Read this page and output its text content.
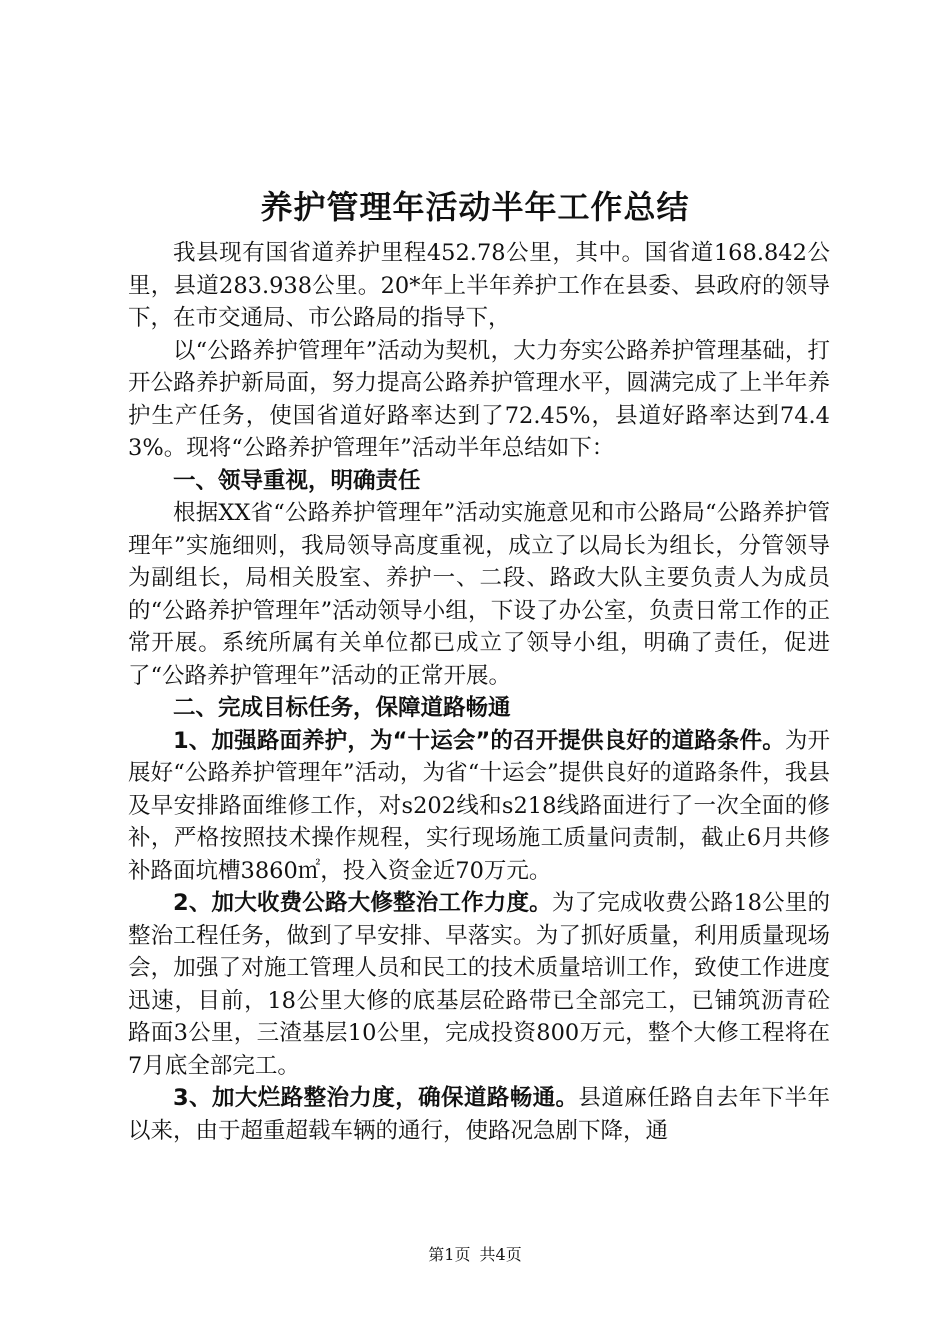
养护管理年活动半年工作总结

我县现有国省道养护里程452.78公里，其中。国省道168.842公里，县道283.938公里。20*年上半年养护工作在县委、县政府的领导下，在市交通局、市公路局的指导下，

以“公路养护管理年”活动为契机，大力夯实公路养护管理基础，打开公路养护新局面，努力提高公路养护管理水平，圆满完成了上半年养护生产任务，使国省道好路率达到了72.45%，县道好路率达到74.43%。现将“公路养护管理年”活动半年总结如下：

一、领导重视，明确责任

根据XX省“公路养护管理年”活动实施意见和市公路局“公路养护管理年”实施细则，我局领导高度重视，成立了以局长为组长，分管领导为副组长，局相关股室、养护一、二段、路政大队主要负责人为成员的“公路养护管理年”活动领导小组，下设了办公室，负责日常工作的正常开展。系统所属有关单位都已成立了领导小组，明确了责任，促进了“公路养护管理年”活动的正常开展。

二、完成目标任务，保障道路畅通

1、加强路面养护，为“十运会”的召开提供良好的道路条件。为开展好“公路养护管理年”活动，为省“十运会”提供良好的道路条件，我县及早安排路面维修工作，对s202线和s218线路面进行了一次全面的修补，严格按照技术操作规程，实行现场施工质量问责制，截止6月共修补路面坑槽3860㎡，投入资金近70万元。

2、加大收费公路大修整治工作力度。为了完成收费公路18公里的整治工程任务，做到了早安排、早落实。为了抓好质量，利用质量现场会，加强了对施工管理人员和民工的技术质量培训工作，致使工作进度迅速，目前，18公里大修的底基层砼路带已全部完工，已铺筑沥青砼路面3公里，三渣基层10公里，完成投资800万元，整个大修工程将在7月底全部完工。

3、加大烂路整治力度，确保道路畅通。县道麻任路自去年下半年以来，由于超重超载车辆的通行，使路况急剧下降，通

第1页 共4页
